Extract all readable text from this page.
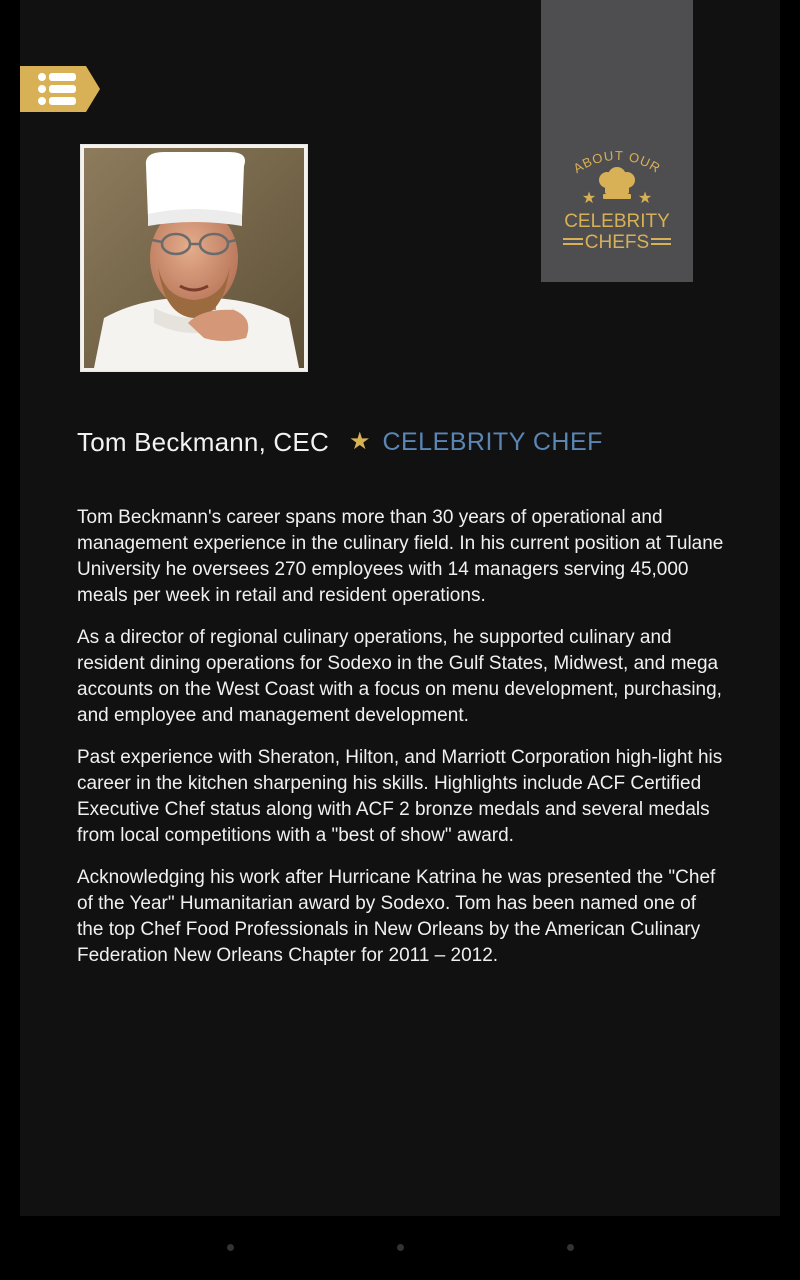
ABOUT OUR
★	★
CELEBRITY
CHEFS
Tom Beckmann, CEC ★ CELEBRITY CHEF

Tom Beckmann's career spans more than 30 years of operational and management experience in the culinary field. In his current position at Tulane University he oversees 270 employees with 14 managers serving 45,000 meals per week in retail and resident operations.

As a director of regional culinary operations, he supported culinary and resident dining operations for Sodexo in the Gulf States, Midwest, and mega accounts on the West Coast with a focus on menu development, purchasing, and employee and management development.

Past experience with Sheraton, Hilton, and Marriott Corporation high-light his career in the kitchen sharpening his skills. Highlights include ACF Certified Executive Chef status along with ACF 2 bronze medals and several medals from local competitions with a "best of show" award.

Acknowledging his work after Hurricane Katrina he was presented the "Chef of the Year" Humanitarian award by Sodexo. Tom has been named one of the top Chef Food Professionals in New Orleans by the American Culinary Federation New Orleans Chapter for 2011 – 2012.
